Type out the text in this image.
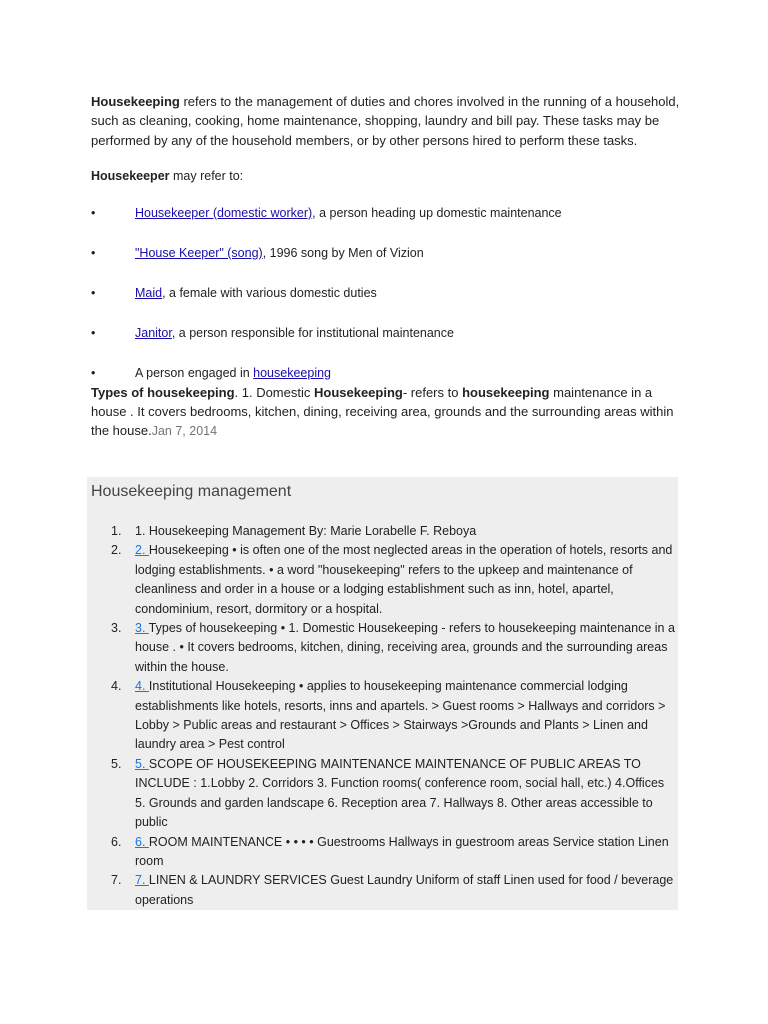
Housekeeping refers to the management of duties and chores involved in the running of a household, such as cleaning, cooking, home maintenance, shopping, laundry and bill pay. These tasks may be performed by any of the household members, or by other persons hired to perform these tasks.

Housekeeper may refer to:
•	Housekeeper (domestic worker), a person heading up domestic maintenance
•	"House Keeper" (song), 1996 song by Men of Vizion
•	Maid, a female with various domestic duties
•	Janitor, a person responsible for institutional maintenance
•	A person engaged in housekeeping

Types of housekeeping. 1. Domestic Housekeeping- refers to housekeeping maintenance in a house . It covers bedrooms, kitchen, dining, receiving area, grounds and the surrounding areas within the house.Jan 7, 2014

Housekeeping management
1. 1. Housekeeping Management By: Marie Lorabelle F. Reboya
2. 2. Housekeeping • is often one of the most neglected areas in the operation of hotels, resorts and lodging establishments. • a word "housekeeping" refers to the upkeep and maintenance of cleanliness and order in a house or a lodging establishment such as inn, hotel, apartel, condominium, resort, dormitory or a hospital.
3. 3. Types of housekeeping • 1. Domestic Housekeeping - refers to housekeeping maintenance in a house . • It covers bedrooms, kitchen, dining, receiving area, grounds and the surrounding areas within the house.
4. 4. Institutional Housekeeping • applies to housekeeping maintenance commercial lodging establishments like hotels, resorts, inns and apartels. > Guest rooms > Hallways and corridors > Lobby > Public areas and restaurant > Offices > Stairways >Grounds and Plants > Linen and laundry area > Pest control
5. 5. SCOPE OF HOUSEKEEPING MAINTENANCE MAINTENANCE OF PUBLIC AREAS TO INCLUDE : 1.Lobby 2. Corridors 3. Function rooms( conference room, social hall, etc.) 4.Offices 5. Grounds and garden landscape 6. Reception area 7. Hallways 8. Other areas accessible to public
6. 6. ROOM MAINTENANCE • • • • Guestrooms Hallways in guestroom areas Service station Linen room
7. 7. LINEN & LAUNDRY SERVICES Guest Laundry Uniform of staff Linen used for food / beverage operations
